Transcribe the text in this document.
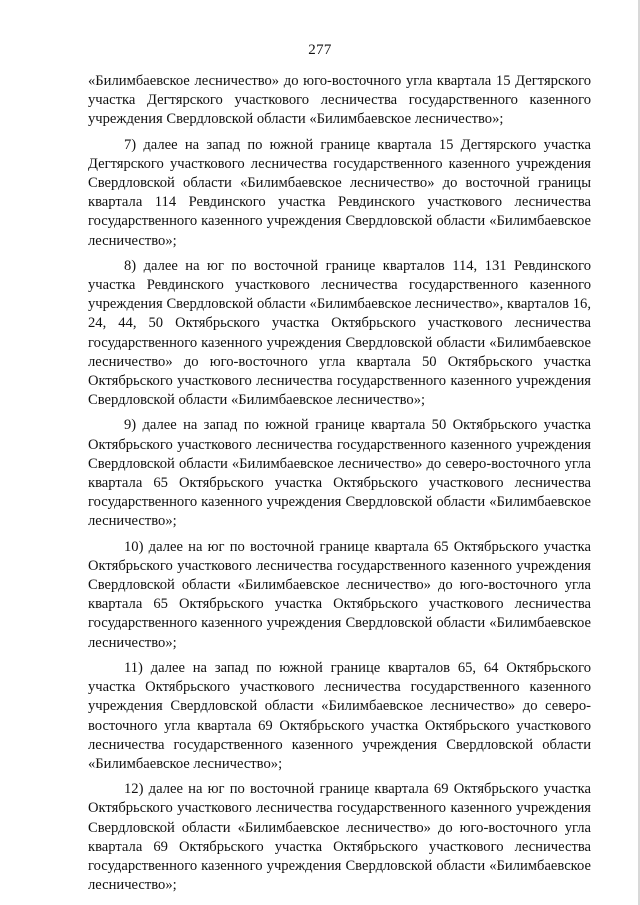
277

«Билимбаевское лесничество» до юго-восточного угла квартала 15 Дегтярского участка Дегтярского участкового лесничества государственного казенного учреждения Свердловской области «Билимбаевское лесничество»;

7) далее на запад по южной границе квартала 15 Дегтярского участка Дегтярского участкового лесничества государственного казенного учреждения Свердловской области «Билимбаевское лесничество» до восточной границы квартала 114 Ревдинского участка Ревдинского участкового лесничества государственного казенного учреждения Свердловской области «Билимбаевское лесничество»;

8) далее на юг по восточной границе кварталов 114, 131 Ревдинского участка Ревдинского участкового лесничества государственного казенного учреждения Свердловской области «Билимбаевское лесничество», кварталов 16, 24, 44, 50 Октябрьского участка Октябрьского участкового лесничества государственного казенного учреждения Свердловской области «Билимбаевское лесничество» до юго-восточного угла квартала 50 Октябрьского участка Октябрьского участкового лесничества государственного казенного учреждения Свердловской области «Билимбаевское лесничество»;

9) далее на запад по южной границе квартала 50 Октябрьского участка Октябрьского участкового лесничества государственного казенного учреждения Свердловской области «Билимбаевское лесничество» до северо-восточного угла квартала 65 Октябрьского участка Октябрьского участкового лесничества государственного казенного учреждения Свердловской области «Билимбаевское лесничество»;

10) далее на юг по восточной границе квартала 65 Октябрьского участка Октябрьского участкового лесничества государственного казенного учреждения Свердловской области «Билимбаевское лесничество» до юго-восточного угла квартала 65 Октябрьского участка Октябрьского участкового лесничества государственного казенного учреждения Свердловской области «Билимбаевское лесничество»;

11) далее на запад по южной границе кварталов 65, 64 Октябрьского участка Октябрьского участкового лесничества государственного казенного учреждения Свердловской области «Билимбаевское лесничество» до северо-восточного угла квартала 69 Октябрьского участка Октябрьского участкового лесничества государственного казенного учреждения Свердловской области «Билимбаевское лесничество»;

12) далее на юг по восточной границе квартала 69 Октябрьского участка Октябрьского участкового лесничества государственного казенного учреждения Свердловской области «Билимбаевское лесничество» до юго-восточного угла квартала 69 Октябрьского участка Октябрьского участкового лесничества государственного казенного учреждения Свердловской области «Билимбаевское лесничество»;
